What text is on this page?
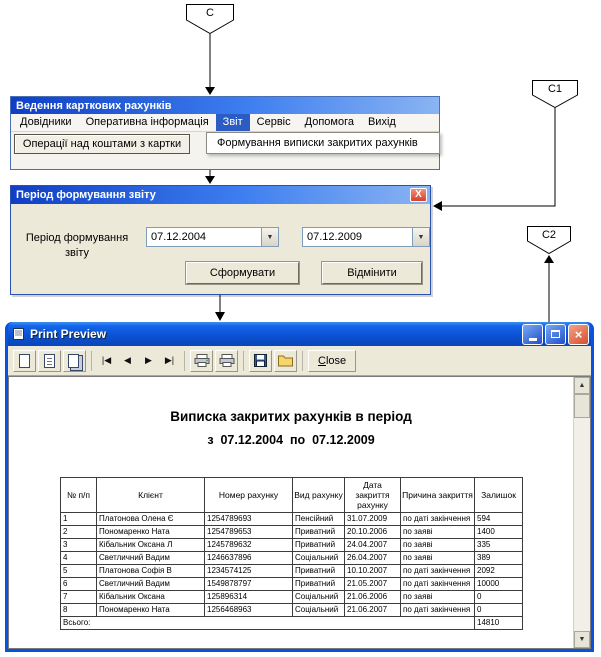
С
С1
С2
Ведення карткових рахунків
Довідники	Оперативна інформація	Звіт	Сервіс	Допомога	Вихід
Операції над коштами з картки	Формування виписки закритих рахунків
Період формування звіту	X
Період формування
звіту
07.12.2004	▼	07.12.2009	▼
Сформувати	Відмінити
Print Preview	×
|◀	◀	▶	▶|	Close
Виписка закритих рахунків в період
з  07.12.2004  по  07.12.2009
№ п/п	Клієнт	Номер рахунку	Вид рахунку	Дата закриття рахунку	Причина закриття	Залишок
1	Платонова Олена Є	1254789693	Пенсійний	31.07.2009	по даті закінчення	594
2	Пономаренко Ната	1254789653	Приватний	20.10.2006	по заяві	1400
3	Кібальник Оксана Л	1245789632	Приватний	24.04.2007	по заяві	335
4	Светличний Вадим	1246637896	Соціальний	26.04.2007	по заяві	389
5	Платонова Софія В	1234574125	Приватний	10.10.2007	по даті закінчення	2092
6	Светличний Вадим	1549878797	Приватний	21.05.2007	по даті закінчення	10000
7	Кібальник Оксана	125896314	Соціальний	21.06.2006	по заяві	0
8	Пономаренко Ната	1256468963	Соціальний	21.06.2007	по даті закінчення	0
Всього:						14810
▲
▼
